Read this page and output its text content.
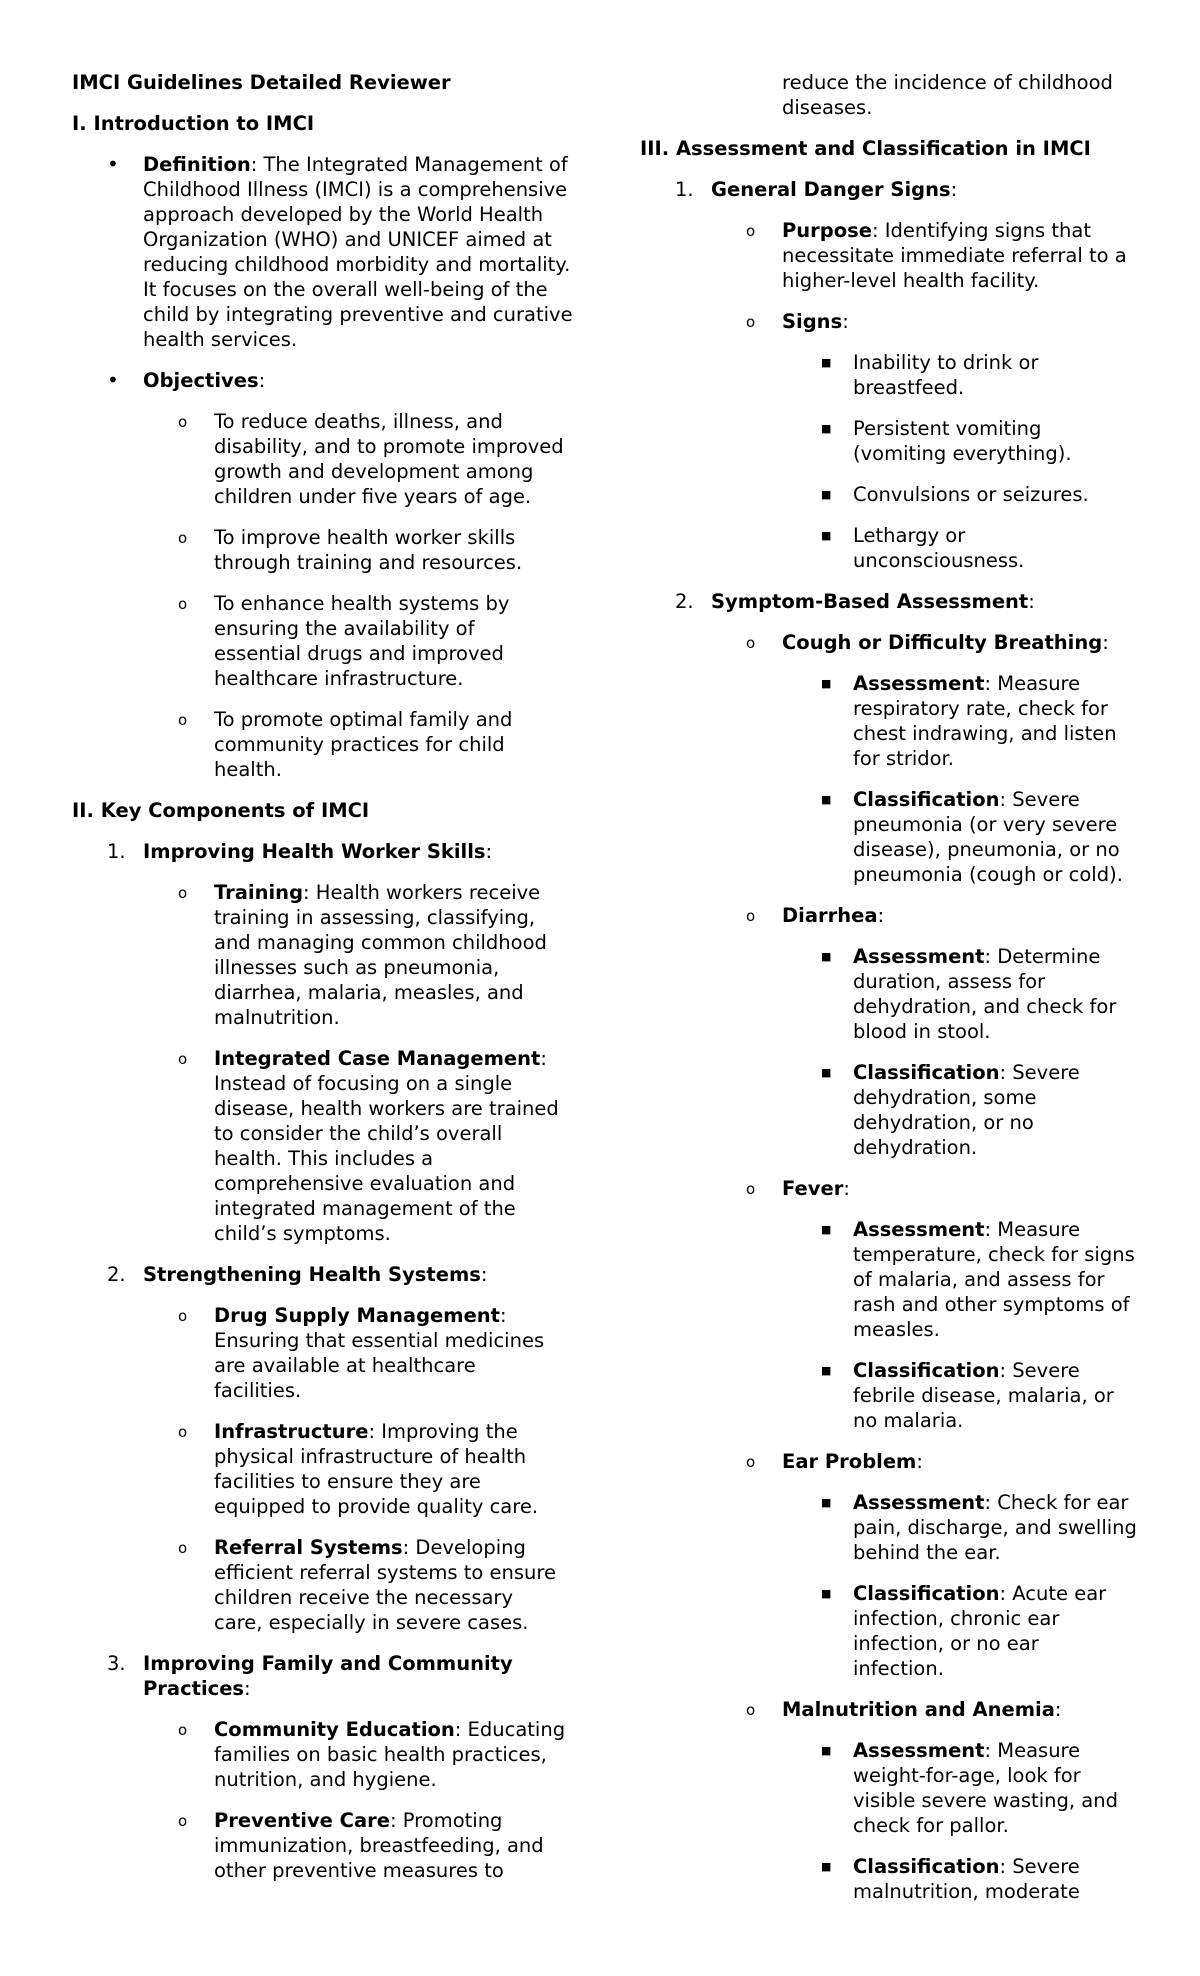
IMCI Guidelines Detailed Reviewer
I. Introduction to IMCI
• Definition: The Integrated Management of Childhood Illness (IMCI) is a comprehensive approach developed by the World Health Organization (WHO) and UNICEF aimed at reducing childhood morbidity and mortality. It focuses on the overall well-being of the child by integrating preventive and curative health services.
• Objectives:
o To reduce deaths, illness, and disability, and to promote improved growth and development among children under five years of age.
o To improve health worker skills through training and resources.
o To enhance health systems by ensuring the availability of essential drugs and improved healthcare infrastructure.
o To promote optimal family and community practices for child health.
II. Key Components of IMCI
1. Improving Health Worker Skills:
o Training: Health workers receive training in assessing, classifying, and managing common childhood illnesses such as pneumonia, diarrhea, malaria, measles, and malnutrition.
o Integrated Case Management: Instead of focusing on a single disease, health workers are trained to consider the child’s overall health. This includes a comprehensive evaluation and integrated management of the child’s symptoms.
2. Strengthening Health Systems:
o Drug Supply Management: Ensuring that essential medicines are available at healthcare facilities.
o Infrastructure: Improving the physical infrastructure of health facilities to ensure they are equipped to provide quality care.
o Referral Systems: Developing efficient referral systems to ensure children receive the necessary care, especially in severe cases.
3. Improving Family and Community Practices:
o Community Education: Educating families on basic health practices, nutrition, and hygiene.
o Preventive Care: Promoting immunization, breastfeeding, and other preventive measures to
reduce the incidence of childhood diseases.
III. Assessment and Classification in IMCI
1. General Danger Signs:
o Purpose: Identifying signs that necessitate immediate referral to a higher-level health facility.
o Signs:
■ Inability to drink or breastfeed.
■ Persistent vomiting (vomiting everything).
■ Convulsions or seizures.
■ Lethargy or unconsciousness.
2. Symptom-Based Assessment:
o Cough or Difficulty Breathing:
■ Assessment: Measure respiratory rate, check for chest indrawing, and listen for stridor.
■ Classification: Severe pneumonia (or very severe disease), pneumonia, or no pneumonia (cough or cold).
o Diarrhea:
■ Assessment: Determine duration, assess for dehydration, and check for blood in stool.
■ Classification: Severe dehydration, some dehydration, or no dehydration.
o Fever:
■ Assessment: Measure temperature, check for signs of malaria, and assess for rash and other symptoms of measles.
■ Classification: Severe febrile disease, malaria, or no malaria.
o Ear Problem:
■ Assessment: Check for ear pain, discharge, and swelling behind the ear.
■ Classification: Acute ear infection, chronic ear infection, or no ear infection.
o Malnutrition and Anemia:
■ Assessment: Measure weight-for-age, look for visible severe wasting, and check for pallor.
■ Classification: Severe malnutrition, moderate
